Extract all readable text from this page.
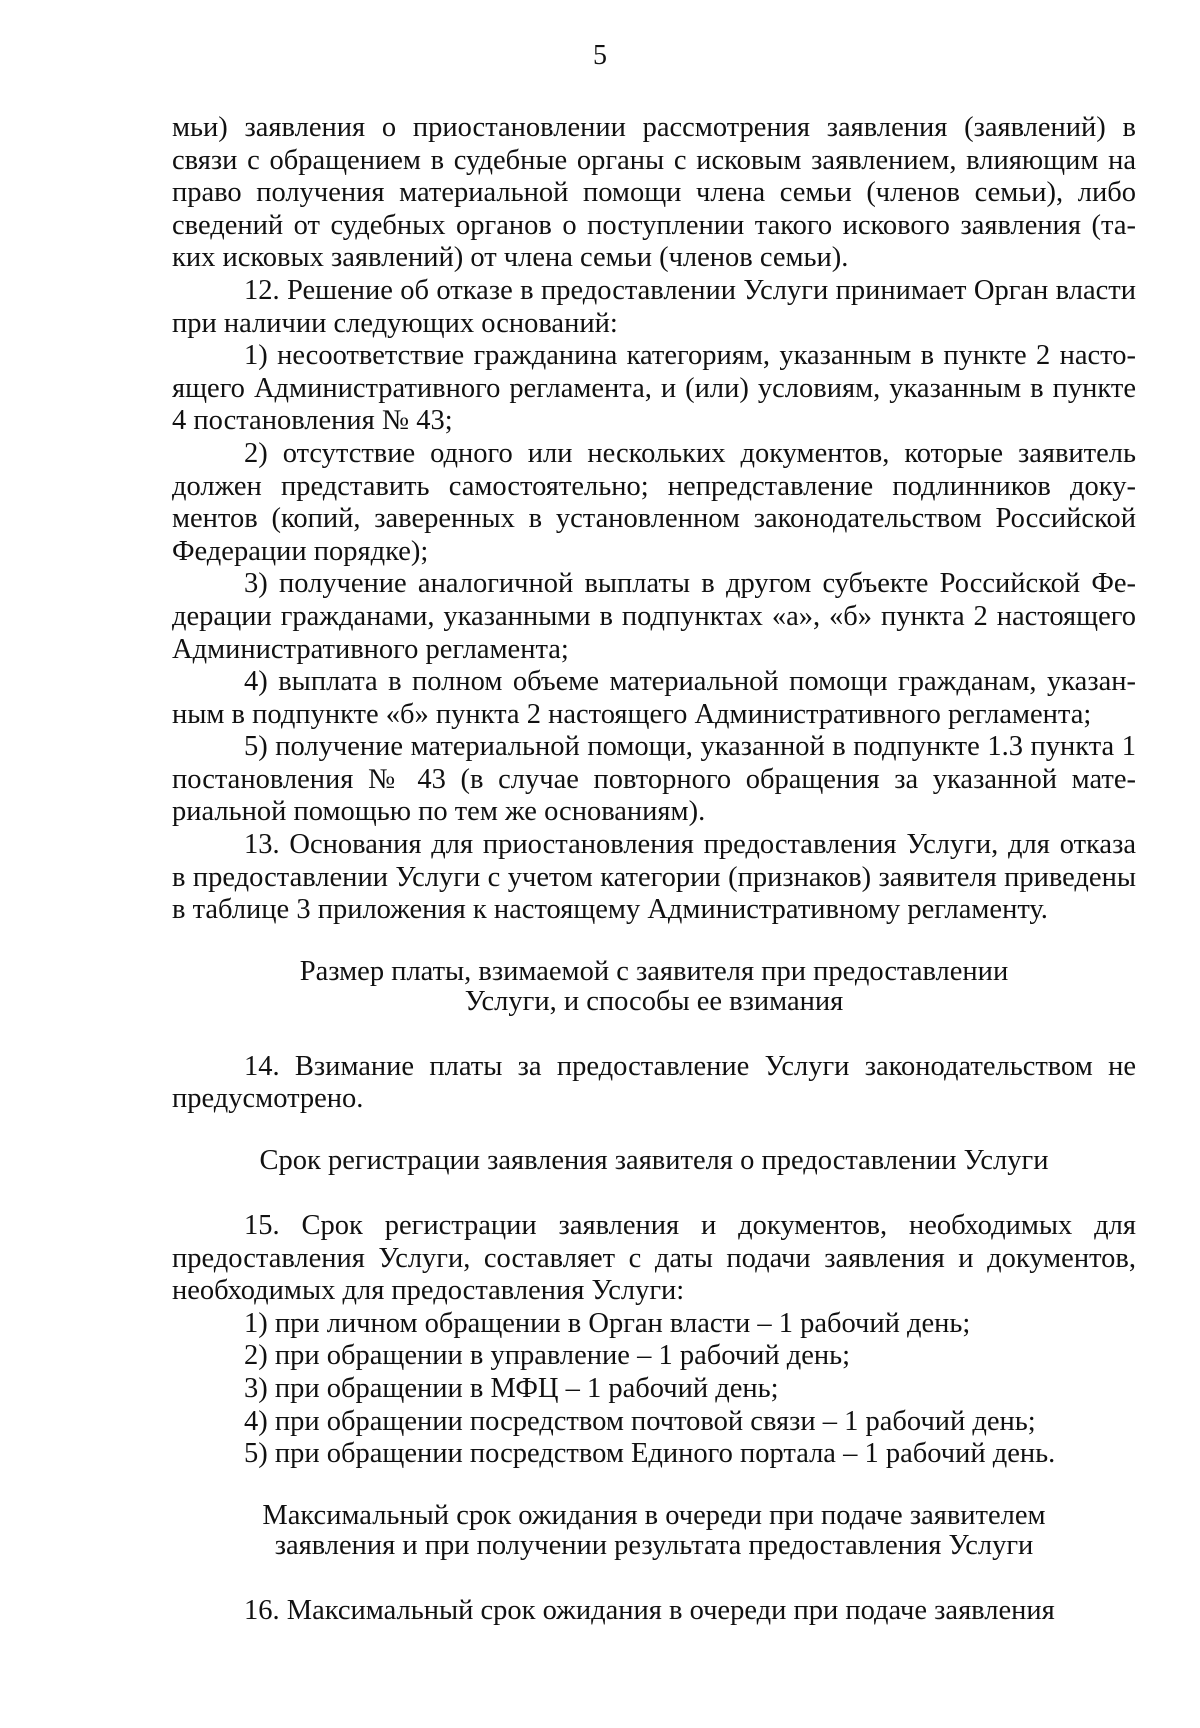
5

мьи) заявления о приостановлении рассмотрения заявления (заявлений) в связи с обращением в судебные органы с исковым заявлением, влияющим на право получения материальной помощи члена семьи (членов семьи), либо сведений от судебных органов о поступлении такого искового заявления (таких исковых заявлений) от члена семьи (членов семьи).

12. Решение об отказе в предоставлении Услуги принимает Орган власти при наличии следующих оснований:

1) несоответствие гражданина категориям, указанным в пункте 2 настоящего Административного регламента, и (или) условиям, указанным в пункте 4 постановления № 43;

2) отсутствие одного или нескольких документов, которые заявитель должен представить самостоятельно; непредставление подлинников документов (копий, заверенных в установленном законодательством Российской Федерации порядке);

3) получение аналогичной выплаты в другом субъекте Российской Федерации гражданами, указанными в подпунктах «а», «б» пункта 2 настоящего Административного регламента;

4) выплата в полном объеме материальной помощи гражданам, указанным в подпункте «б» пункта 2 настоящего Административного регламента;

5) получение материальной помощи, указанной в подпункте 1.3 пункта 1 постановления № 43 (в случае повторного обращения за указанной материальной помощью по тем же основаниям).

13. Основания для приостановления предоставления Услуги, для отказа в предоставлении Услуги с учетом категории (признаков) заявителя приведены в таблице 3 приложения к настоящему Административному регламенту.

Размер платы, взимаемой с заявителя при предоставлении
Услуги, и способы ее взимания

14. Взимание платы за предоставление Услуги законодательством не предусмотрено.

Срок регистрации заявления заявителя о предоставлении Услуги

15. Срок регистрации заявления и документов, необходимых для предоставления Услуги, составляет с даты подачи заявления и документов, необходимых для предоставления Услуги:

1) при личном обращении в Орган власти – 1 рабочий день;

2) при обращении в управление – 1 рабочий день;

3) при обращении в МФЦ – 1 рабочий день;

4) при обращении посредством почтовой связи – 1 рабочий день;

5) при обращении посредством Единого портала – 1 рабочий день.

Максимальный срок ожидания в очереди при подаче заявителем
заявления и при получении результата предоставления Услуги

16. Максимальный срок ожидания в очереди при подаче заявления
